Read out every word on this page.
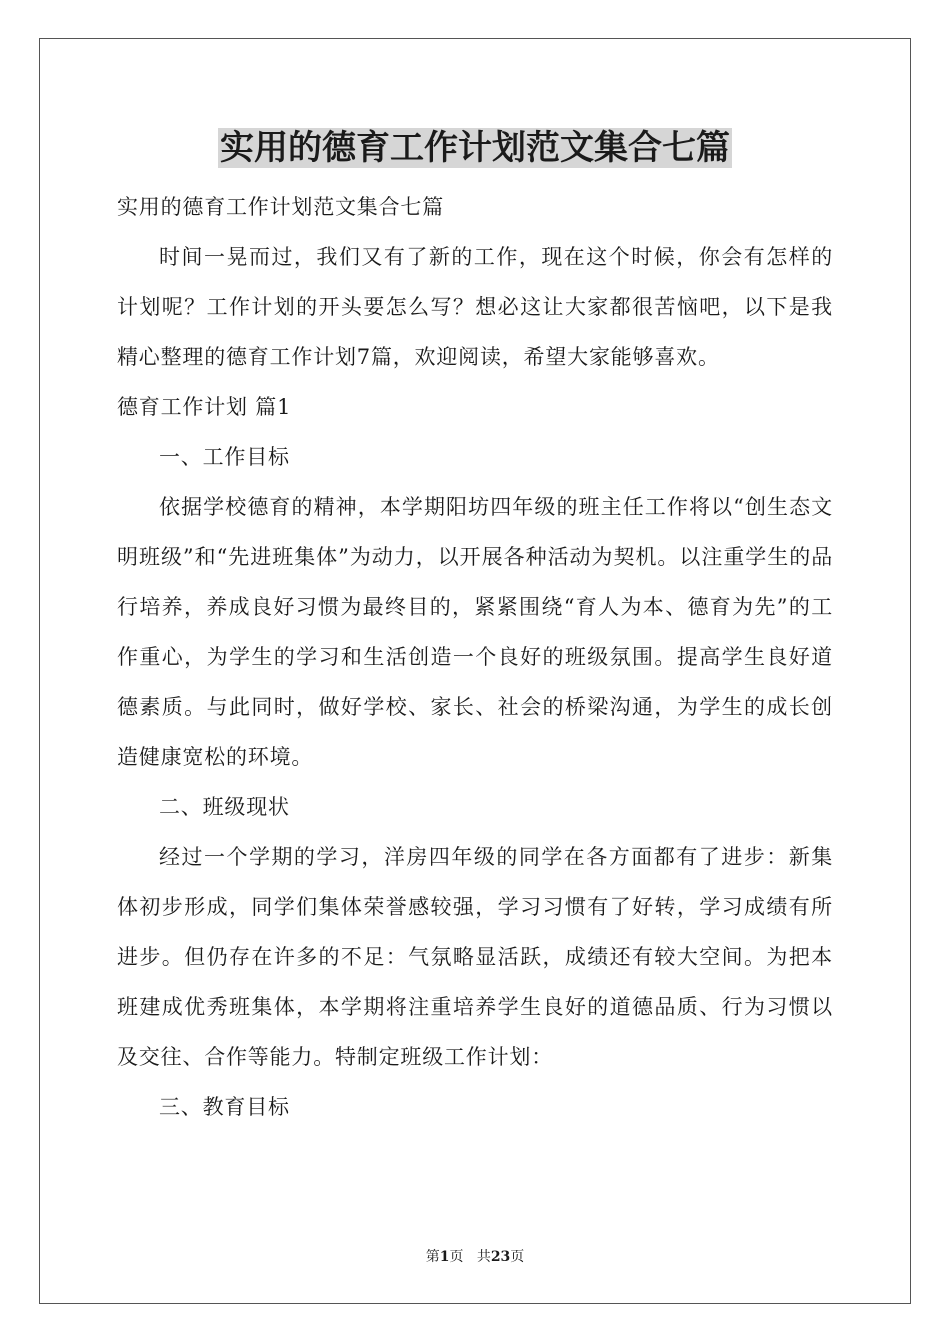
实用的德育工作计划范文集合七篇

实用的德育工作计划范文集合七篇

时间一晃而过，我们又有了新的工作，现在这个时候，你会有怎样的计划呢？工作计划的开头要怎么写？想必这让大家都很苦恼吧，以下是我精心整理的德育工作计划7篇，欢迎阅读，希望大家能够喜欢。

德育工作计划 篇1

一、工作目标

依据学校德育的精神，本学期阳坊四年级的班主任工作将以“创生态文明班级”和“先进班集体”为动力，以开展各种活动为契机。以注重学生的品行培养，养成良好习惯为最终目的，紧紧围绕“育人为本、德育为先”的工作重心，为学生的学习和生活创造一个良好的班级氛围。提高学生良好道德素质。与此同时，做好学校、家长、社会的桥梁沟通，为学生的成长创造健康宽松的环境。

二、班级现状

经过一个学期的学习，洋房四年级的同学在各方面都有了进步：新集体初步形成，同学们集体荣誉感较强，学习习惯有了好转，学习成绩有所进步。但仍存在许多的不足：气氛略显活跃，成绩还有较大空间。为把本班建成优秀班集体，本学期将注重培养学生良好的道德品质、行为习惯以及交往、合作等能力。特制定班级工作计划：

三、教育目标

第1页 共23页
